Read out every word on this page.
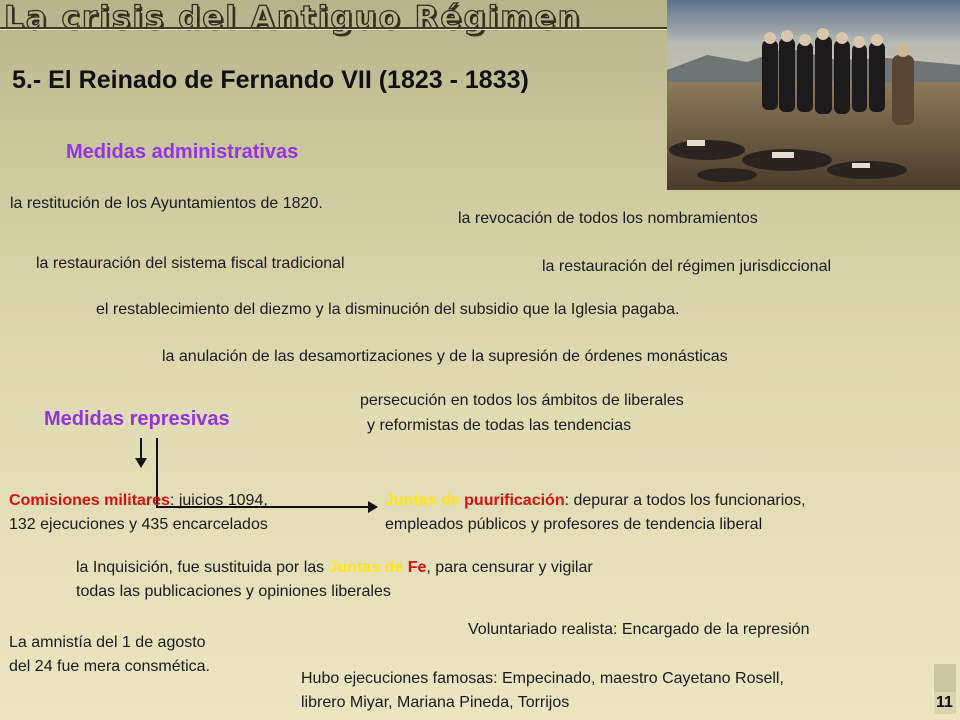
La crisis del Antiguo Régimen
5.- El Reinado de Fernando VII (1823 - 1833)
Medidas administrativas
la restitución de los Ayuntamientos de 1820.
la revocación de todos los nombramientos
la restauración del sistema fiscal tradicional	la restauración del régimen jurisdiccional
el restablecimiento del diezmo y la disminución del subsidio que la Iglesia pagaba.
la anulación de las desamortizaciones y de la supresión de órdenes monásticas
Medidas represivas
persecución en todos los ámbitos de liberales
y reformistas de todas las tendencias
Comisiones militares: juicios 1094,
132 ejecuciones y 435 encarcelados
Juntas de puurificación: depurar a todos los funcionarios,
empleados públicos y profesores de tendencia liberal
la Inquisición, fue sustituida por las Juntas de Fe, para censurar y vigilar
todas las publicaciones y opiniones liberales
Voluntariado realista: Encargado de la represión
La amnistía del 1 de agosto
del 24 fue mera consmética.
Hubo ejecuciones famosas: Empecinado, maestro Cayetano Rosell,
librero Miyar, Mariana Pineda, Torrijos	11
